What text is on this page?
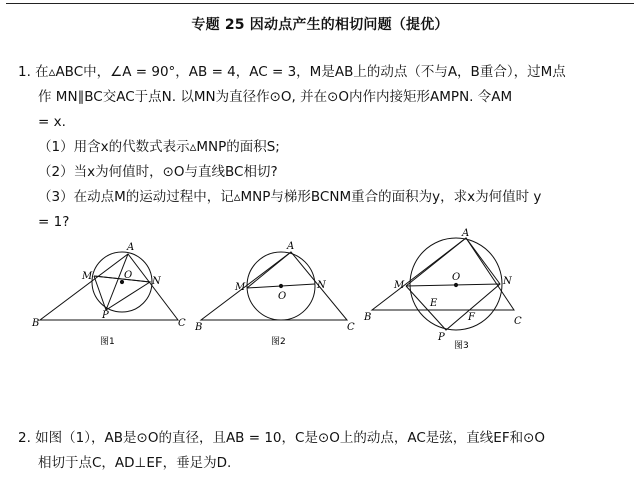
专题 25 因动点产生的相切问题（提优）
1. 在▵ABC中，∠A = 90°，AB = 4，AC = 3，M是AB上的动点（不与A，B重合），过M点
作 MN∥BC交AC于点N. 以MN为直径作⊙O, 并在⊙O内作内接矩形AMPN. 令AM
= x.
（1）用含x的代数式表示▵MNP的面积S;
（2）当x为何值时，⊙O与直线BC相切?
（3）在动点M的运动过程中，记▵MNP与梯形BCNM重合的面积为y，求x为何值时 y
= 1?
A
B	C
M	N
O
P
图1
A
B	C
M	N
O
图2
A
B	C
M	N
O
P
E
F
图3
2. 如图（1），AB是⊙O的直径，且AB = 10，C是⊙O上的动点，AC是弦，直线EF和⊙O
相切于点C，AD⊥EF，垂足为D.
